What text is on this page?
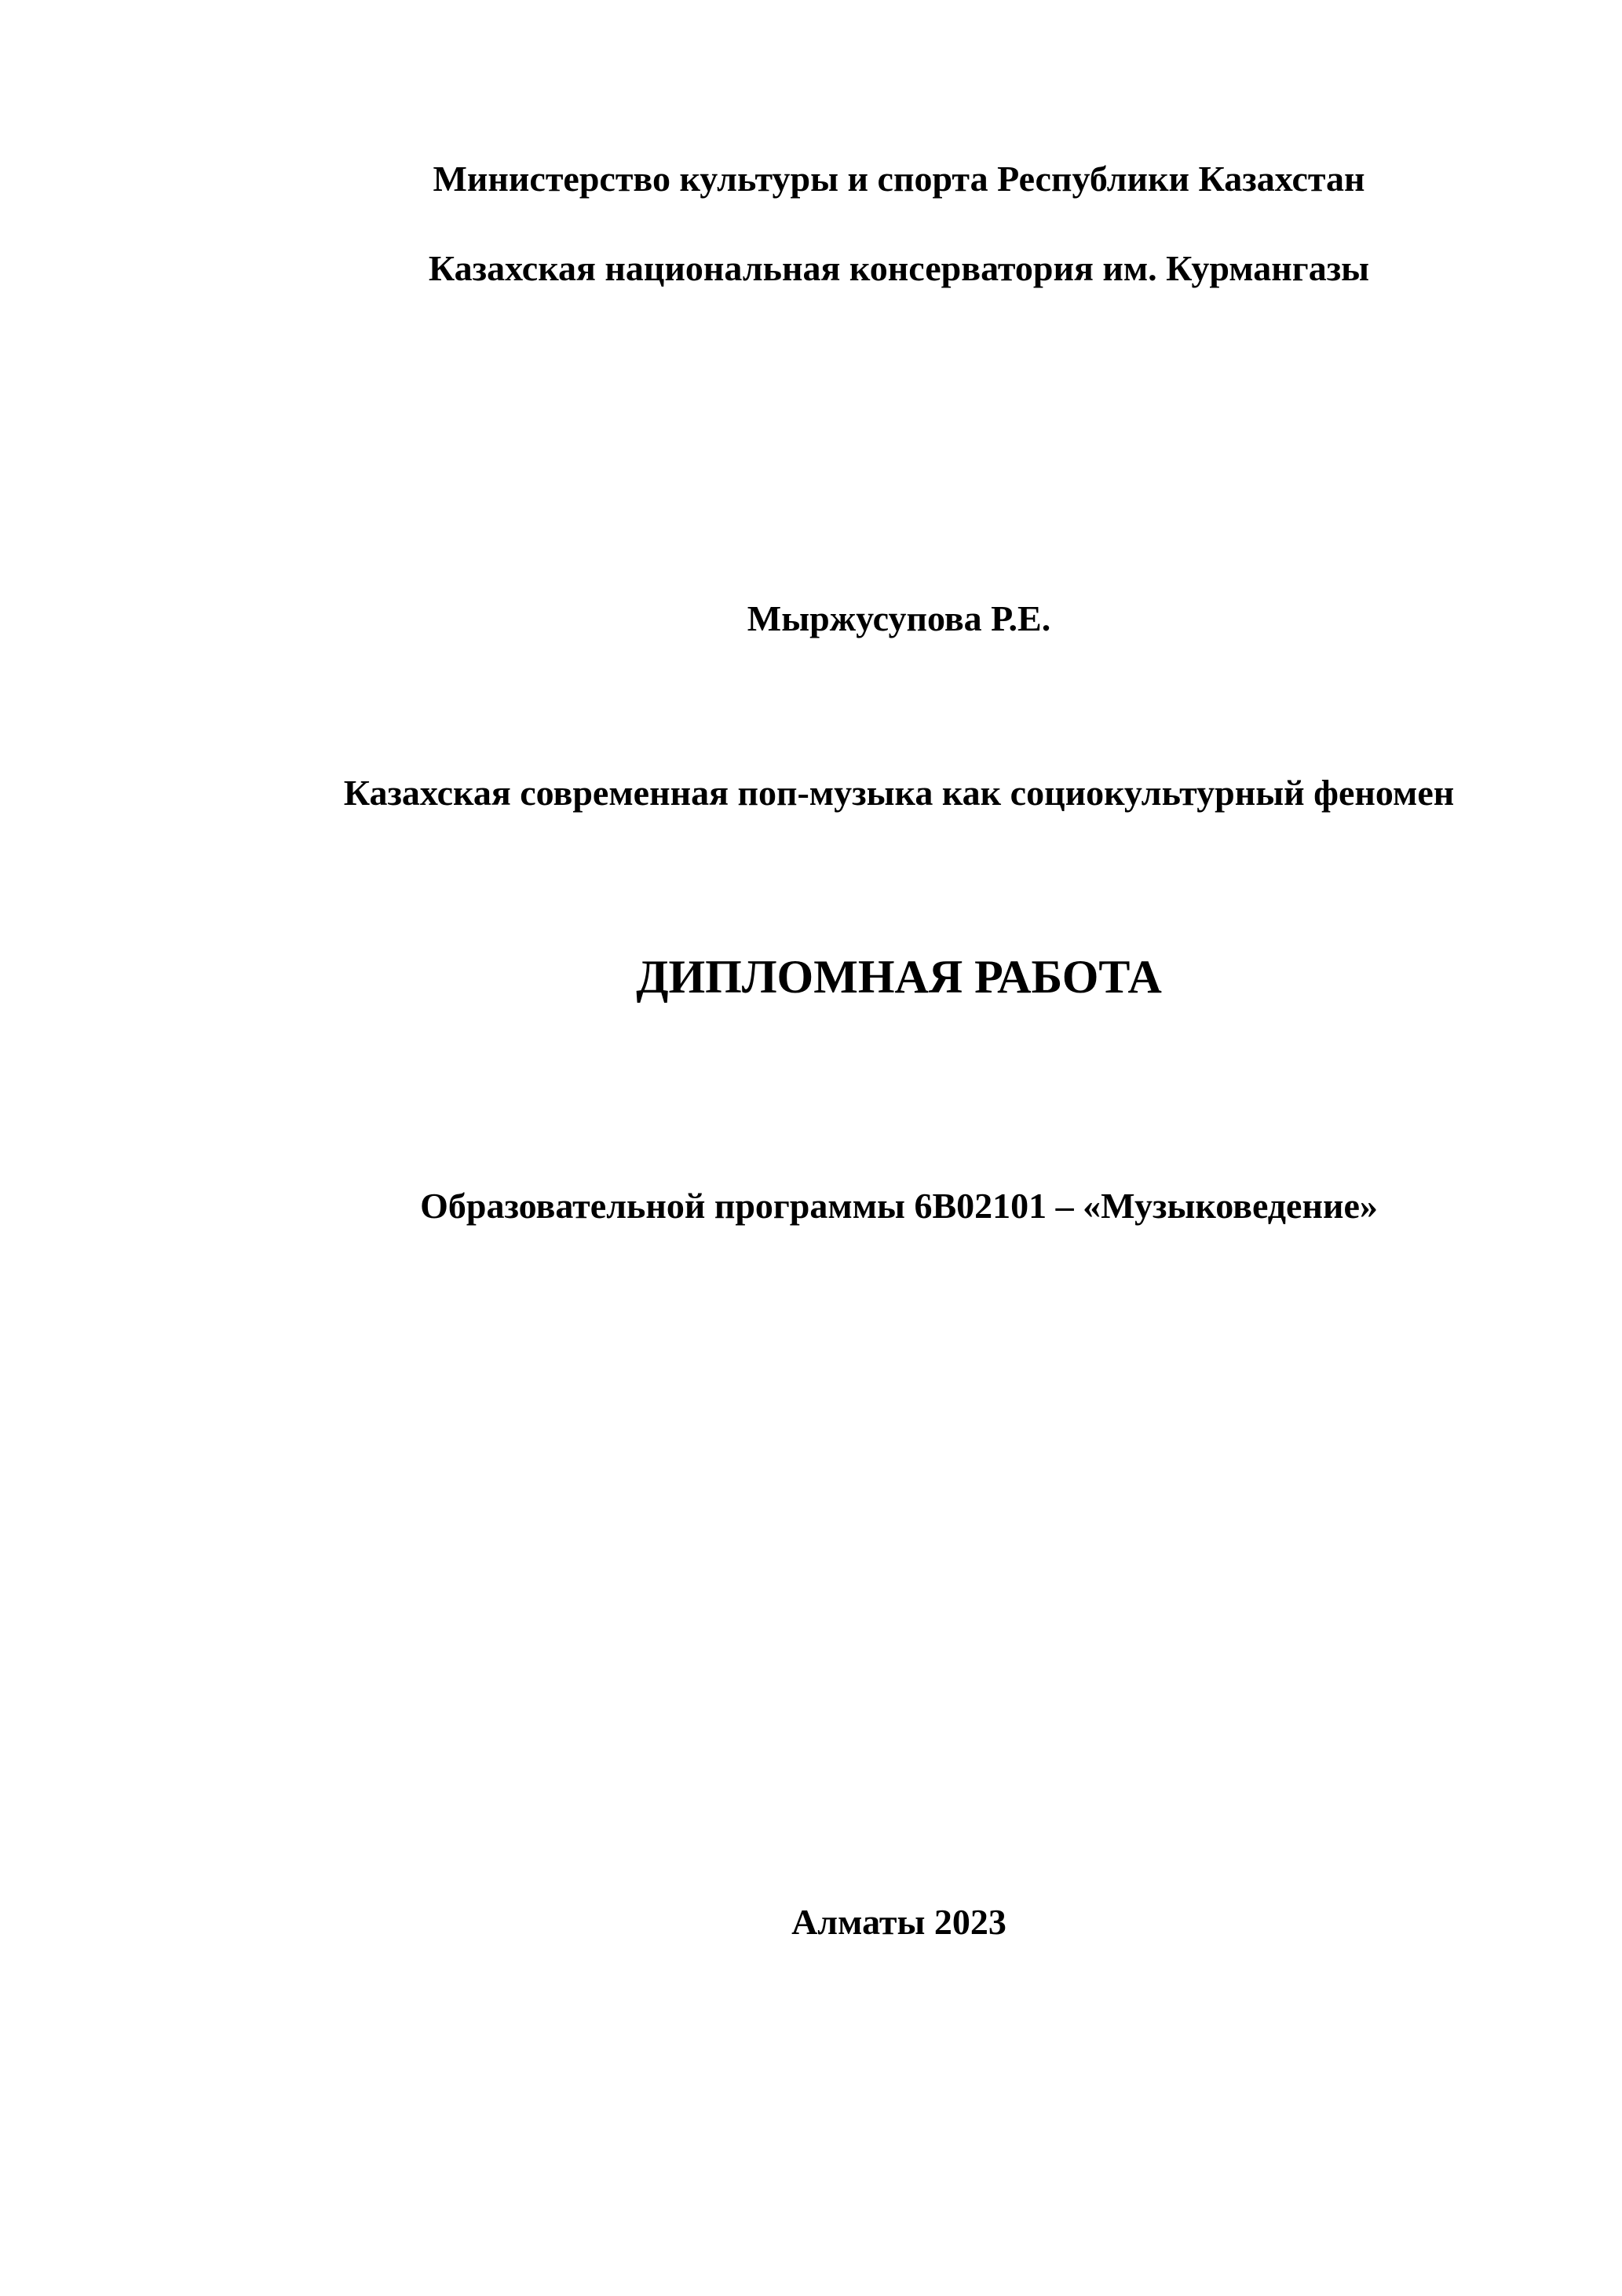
Министерство культуры и спорта Республики Казахстан

Казахская национальная консерватория им. Курмангазы

Мыржусупова Р.Е.

Казахская современная поп-музыка как социокультурный феномен

ДИПЛОМНАЯ РАБОТА

Образовательной программы 6В02101 – «Музыковедение»

Алматы 2023
